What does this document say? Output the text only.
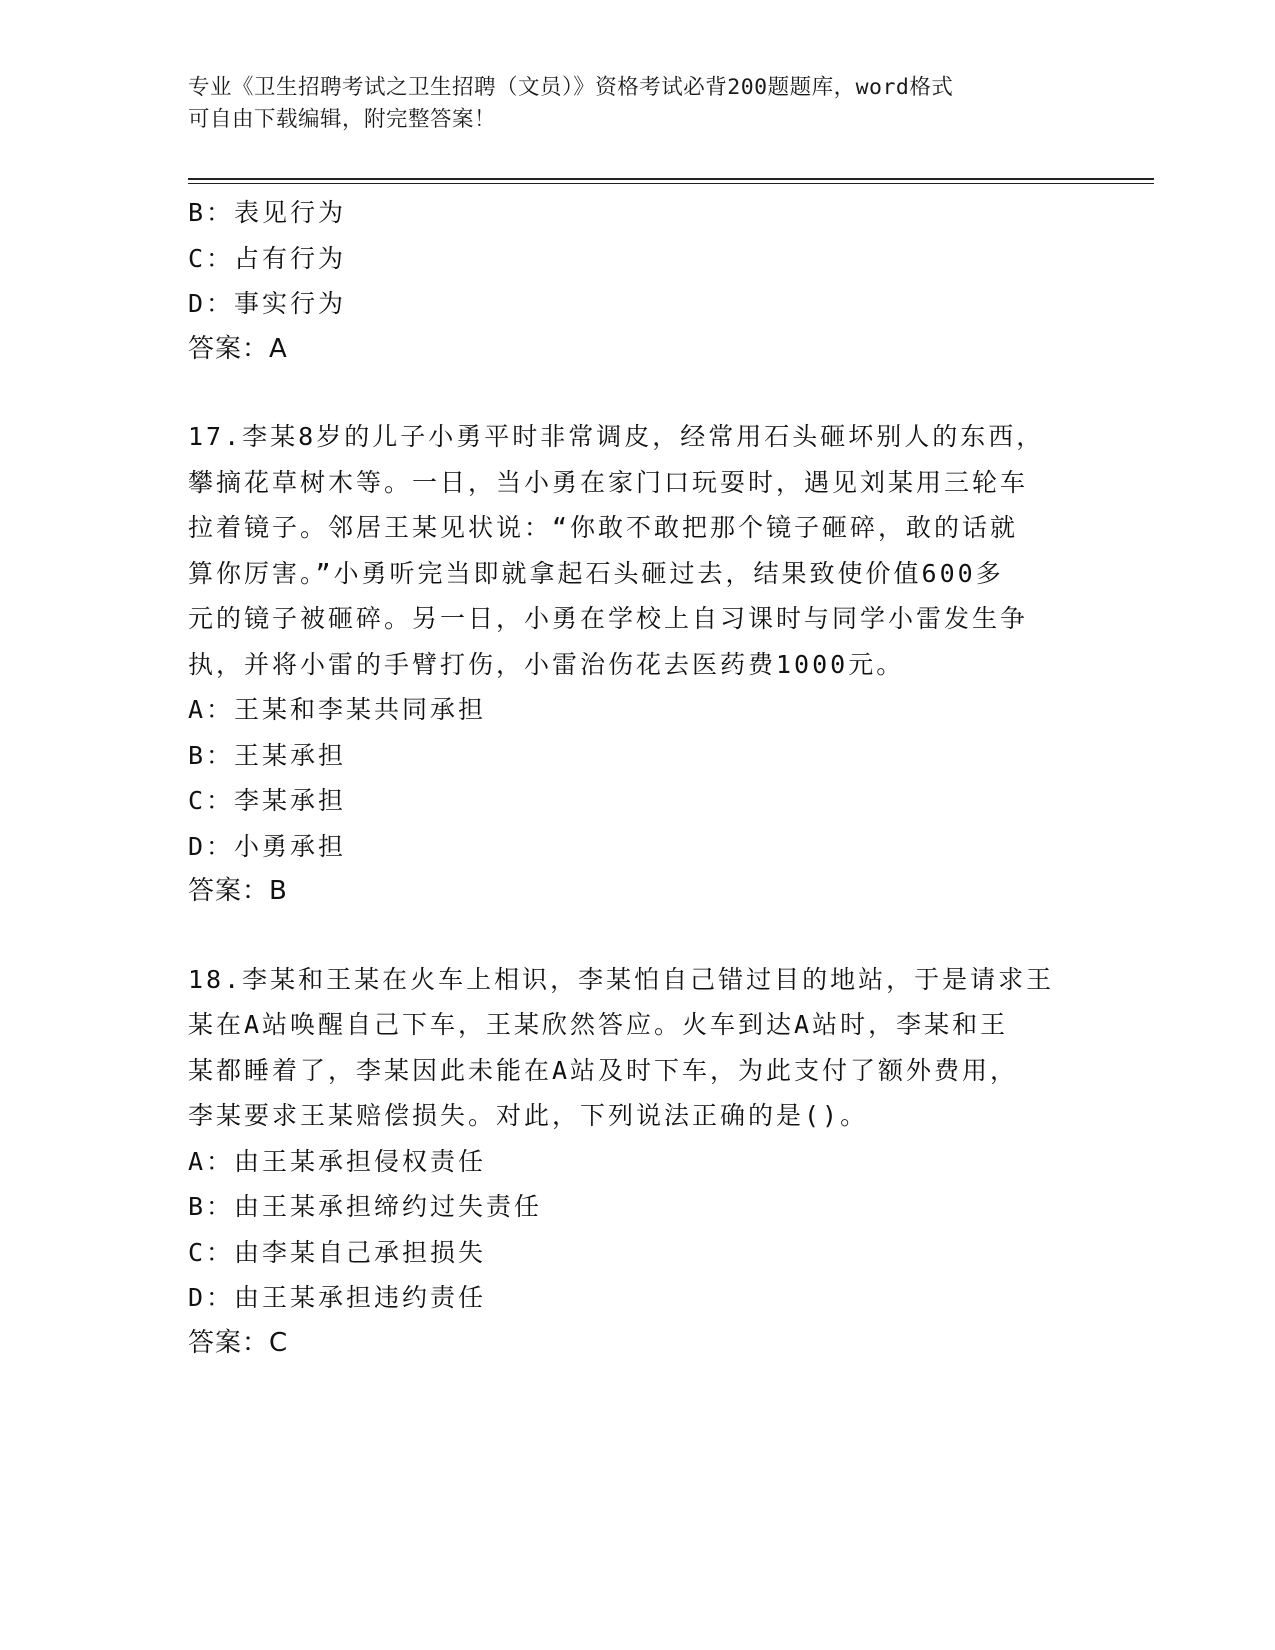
专业《卫生招聘考试之卫生招聘（文员）》资格考试必背200题题库，word格式
可自由下载编辑，附完整答案！
B：表见行为
C：占有行为
D：事实行为
答案：A
17.李某8岁的儿子小勇平时非常调皮，经常用石头砸坏别人的东西，
攀摘花草树木等。一日，当小勇在家门口玩耍时，遇见刘某用三轮车
拉着镜子。邻居王某见状说：“你敢不敢把那个镜子砸碎，敢的话就
算你厉害。”小勇听完当即就拿起石头砸过去，结果致使价值600多
元的镜子被砸碎。另一日，小勇在学校上自习课时与同学小雷发生争
执，并将小雷的手臂打伤，小雷治伤花去医药费1000元。
A：王某和李某共同承担
B：王某承担
C：李某承担
D：小勇承担
答案：B
18.李某和王某在火车上相识，李某怕自己错过目的地站，于是请求王
某在A站唤醒自己下车，王某欣然答应。火车到达A站时，李某和王
某都睡着了，李某因此未能在A站及时下车，为此支付了额外费用，
李某要求王某赔偿损失。对此，下列说法正确的是()。
A：由王某承担侵权责任
B：由王某承担缔约过失责任
C：由李某自己承担损失
D：由王某承担违约责任
答案：C
